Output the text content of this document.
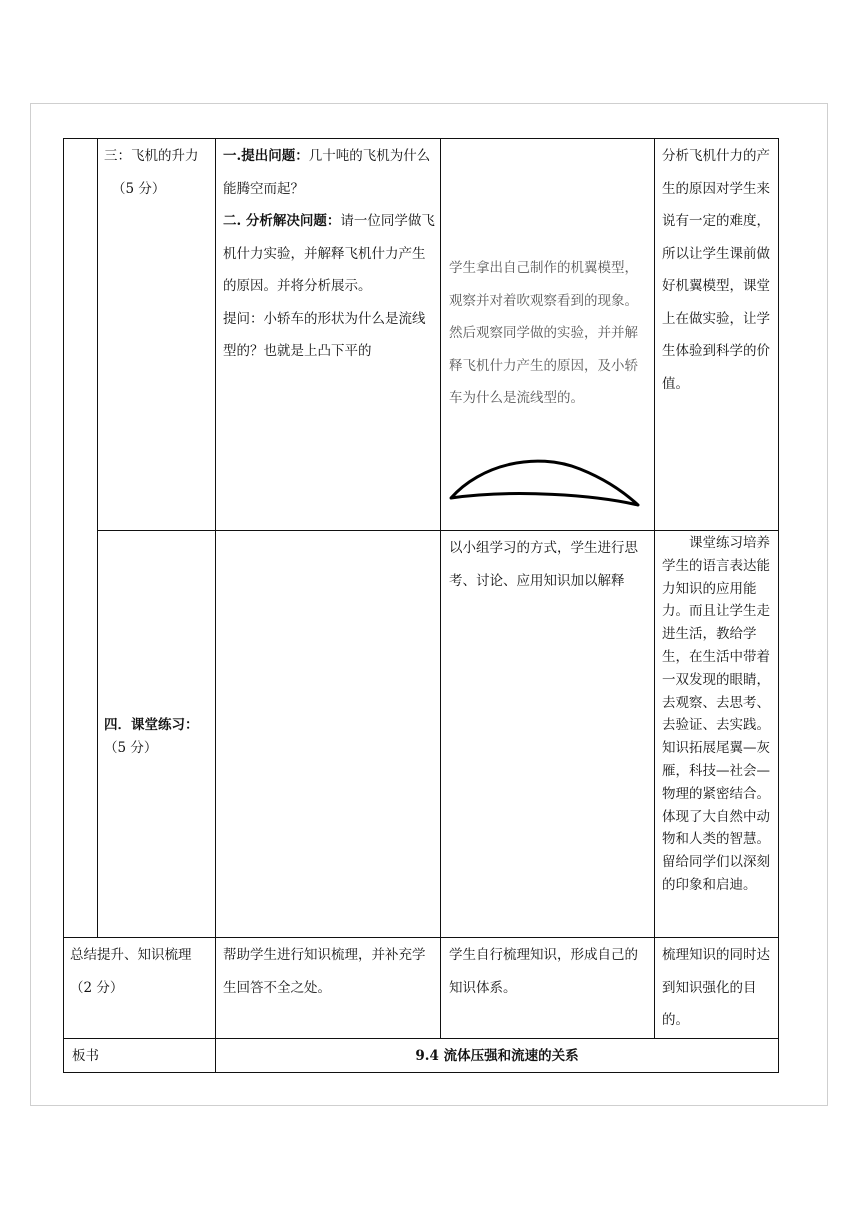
三：飞机的升力
（5 分）
一.提出问题：几十吨的飞机为什么能腾空而起？
二. 分析解决问题：请一位同学做飞机什力实验，并解释飞机什力产生的原因。并将分析展示。
提问：小轿车的形状为什么是流线型的？也就是上凸下平的
学生拿出自己制作的机翼模型，观察并对着吹观察看到的现象。然后观察同学做的实验，并并解释飞机什力产生的原因，及小轿车为什么是流线型的。
分析飞机什力的产生的原因对学生来说有一定的难度，所以让学生课前做好机翼模型，课堂上在做实验，让学生体验到科学的价值。
四．课堂练习：
（5 分）
以小组学习的方式，学生进行思考、讨论、应用知识加以解释
课堂练习培养学生的语言表达能力知识的应用能力。而且让学生走进生活，教给学生，在生活中带着一双发现的眼睛，去观察、去思考、去验证、去实践。知识拓展尾翼—灰雁，科技—社会—物理的紧密结合。体现了大自然中动物和人类的智慧。留给同学们以深刻的印象和启迪。
总结提升、知识梳理（2 分）
帮助学生进行知识梳理，并补充学生回答不全之处。
学生自行梳理知识，形成自己的知识体系。
梳理知识的同时达到知识强化的目的。
板书	9.4 流体压强和流速的关系
